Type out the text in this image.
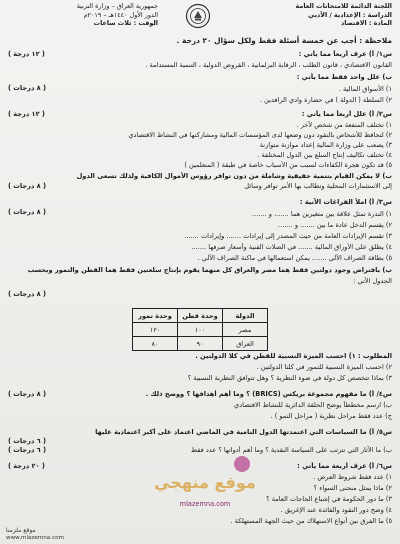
اللجنة الدائمة للامتحانات العامة
الدراسة : الإعدادية / الأدبي
المادة : الاقتصاد
جمهورية العراق – وزارة التربية
الدور الأول ١٤٤٠هـ – ٢٠١٩م
الوقت : ثلاث ساعات
ملاحظة : أجب عن خمسة أسئلة فقط ولكل سؤال ٢٠ درجة .
س١/ أ) عرف أربعاً مما يأتي :
( ١٢ درجة )
القانون الاقتصادي ، قانون الطلب ، الرقابة البرلمانية ، القروض الدولية ، التنمية المستدامة .
ب) علل واحد فقط مما يأتي :
( ٨ درجات )	١) الأسواق المالية .
٢) السلطة ( الدولة ) في حضارة وادي الرافدين .
س٢/ أ) علل أربعاً مما يأتي :
( ١٢ درجة )
١) تختلف المنفعة من شخص لآخر .
٢) لتحافظ للأشخاص بالنقود دون وضعها لدى المؤسسات المالية ومشاركتها في النشاط الاقتصادي
٣) يصعب على وزارة المالية إعداد موازنة متوازنة
٤) تختلف تكاليف إنتاج السلع بين الدول المختلفة .
٥) قد تكون هجرة الكفاءات لسبب من الأسباب خاصة في طبقة ( المتعلمين )
ب) لا يمكن القيام بتنمية حقيقية وشاملة من دون توافر رؤوس الأموال الكافية ولذلك تسعى الدول
إلى الاستثمارات المحلية وتطالب بها الأمر توافر وسائل
( ٨ درجات )
س٣/ أ) املأ الفراغات الآتية :
( ٨ درجات )	١) الندرة تمثل علاقة بين متغيرين هما ....... و .......
٢) يقسم الدخل عادة ما بين ....... و .......
٣) تقسم الإيرادات العامة من حيث المصدر إلى إيرادات ....... وإيرادات .......
٤) يطلق على الأوراق المالية ....... في الصلات الفنية وأسعار صرفها .......
٥) بطاقة الصراف الآلي ....... يمكن استعمالها في ماكنة الصراف الآلي .
ب) بافتراض وجود دولتين فقط هما مصر والعراق كل منهما يقوم بإنتاج سلعتين فقط هما القطن والتمور وبحسب
الجدول الآتي :
( ٨ درجات )
الدولة	وحدة قطن	وحدة تمور
مصر	١٠٠	١٢٠
العراق	٩٠	٨٠
المطلوب : ١) احسب الميزة النسبية للقطن في كلا الدولتين .
٢) احسب الميزة النسبية للتمور في كلتا الدولتين .
٣) بماذا تتخصص كل دولة في ضوء النظرية ؟ وهل تتوافق النظرية النسبية ؟
س٤/ أ) ما مفهوم مجموعة بريكس (BRICS) ؟ وما أهم أهدافها ؟ ووضح ذلك .
( ٨ درجات )
ب) ارسم مخططاً يوضح الحلقة الدائرية للنشاط الاقتصادي
ج) عدد فقط مراحل نظرية ( مراحل النمو ) .
س٥/ أ) ما السياسات التي اعتمدتها الدول النامية في الماضي اعتماد على أكبر اعتمادية عليها
( ٦ درجات )
ب) ما الآثار التي تترتب على السياسة النقدية ؟ وما أهم أدواتها ؟ عدد فقط
( ٦ درجات )
س٦/ أ) عرف أربعة مما يأتي :
( ٢٠ درجة )
١) عدد فقط شروط العرض .
٢) ماذا يمثل منحنى السواء ؟
٣) ما دور الحكومة في إشباع الحاجات العامة ؟
٤) وضح دور النقود والفائدة عند الإغريق .
٥) ما الفرق بين أنواع الاستهلاك من حيث الجهة المستهلكة .
موقع منهجي
mlazemna.com
موقع ملزمنا
www.mlazemna.com
